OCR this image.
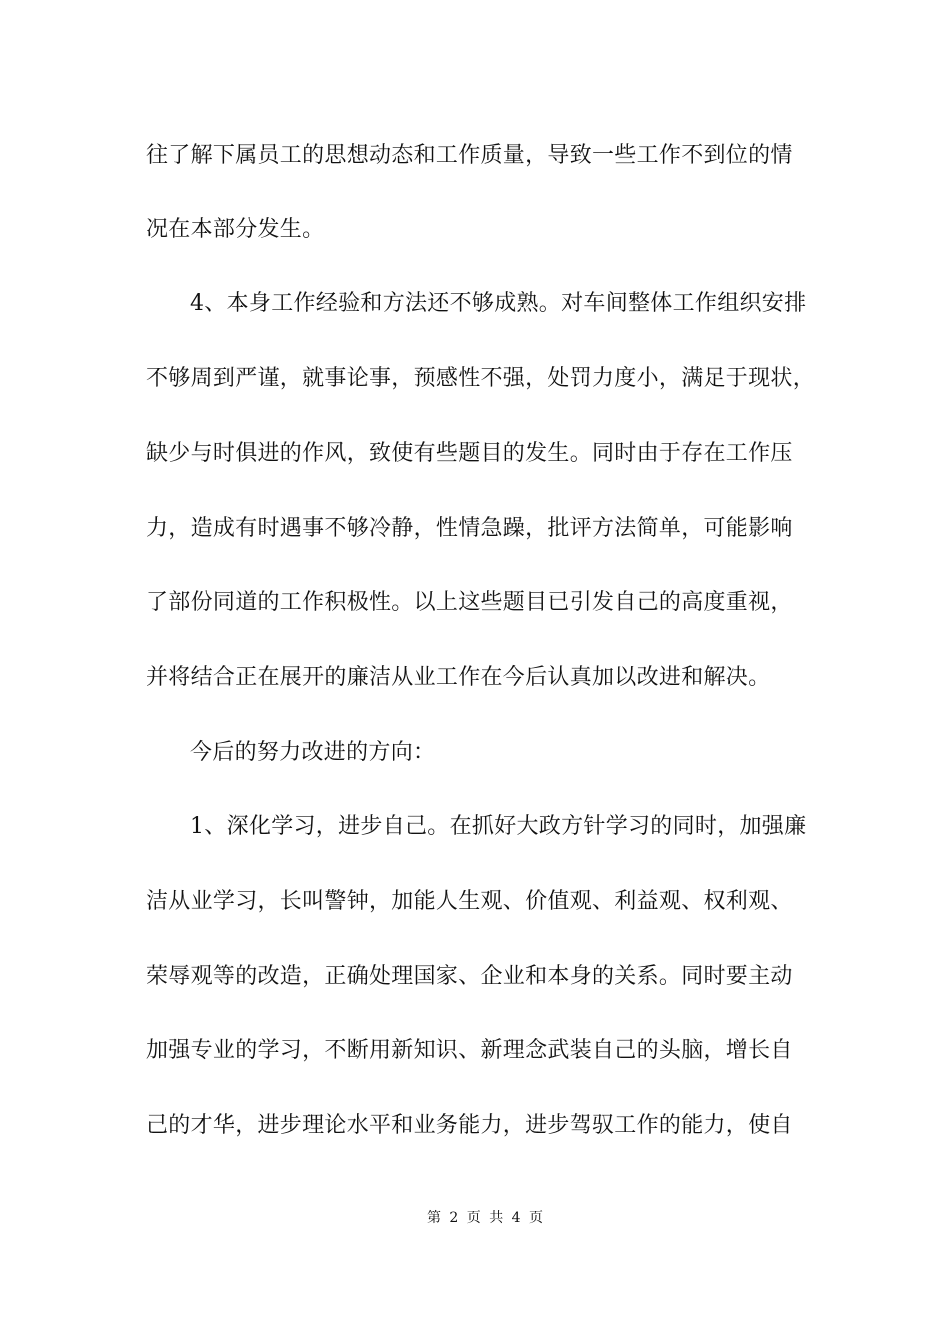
往了解下属员工的思想动态和工作质量，导致一些工作不到位的情
况在本部分发生。
4、本身工作经验和方法还不够成熟。对车间整体工作组织安排
不够周到严谨，就事论事，预感性不强，处罚力度小，满足于现状，
缺少与时俱进的作风，致使有些题目的发生。同时由于存在工作压
力，造成有时遇事不够冷静，性情急躁，批评方法简单，可能影响
了部份同道的工作积极性。以上这些题目已引发自己的高度重视，
并将结合正在展开的廉洁从业工作在今后认真加以改进和解决。
今后的努力改进的方向：
1、深化学习，进步自己。在抓好大政方针学习的同时，加强廉
洁从业学习，长叫警钟，加能人生观、价值观、利益观、权利观、
荣辱观等的改造，正确处理国家、企业和本身的关系。同时要主动
加强专业的学习，不断用新知识、新理念武装自己的头脑，增长自
己的才华，进步理论水平和业务能力，进步驾驭工作的能力，使自
第 2 页 共 4 页
